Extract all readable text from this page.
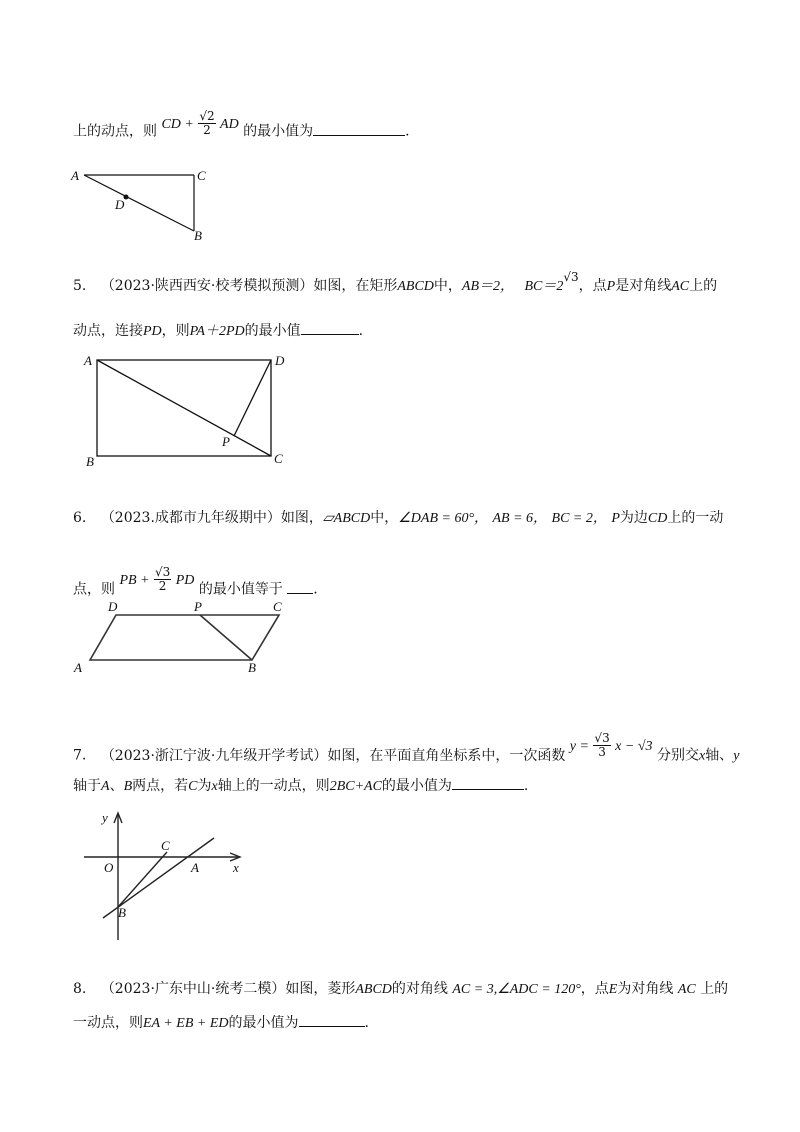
上的动点，则 CD + $\frac{√2}{2}$ AD 的最小值为	.
A	C
B
D
5. （2023·陕西西安·校考模拟预测）如图，在矩形ABCD中，AB＝2， BC＝2√3，点P是对角线AC上的
动点，连接PD，则PA＋2PD的最小值	.
A	D
B	C
P
6. （2023.成都市九年级期中）如图，▱ABCD中，∠DAB = 60°， AB = 6， BC = 2， P为边CD上的一动
点，则 PB + $\frac{√3}{2}$ PD 的最小值等于 .
A
D	P	C
B
7. （2023·浙江宁波·九年级开学考试）如图，在平面直角坐标系中，一次函数 $y = \frac{√3}{3}$ x − √3 分别交x轴、y
轴于A、B两点，若C为x轴上的一动点，则2BC+AC的最小值为	.
y
x
O	A
C
B
8. （2023·广东中山·统考二模）如图，菱形ABCD的对角线 AC = 3,∠ADC = 120°，点E为对角线 AC 上的
一动点，则EA + EB + ED的最小值为	.
